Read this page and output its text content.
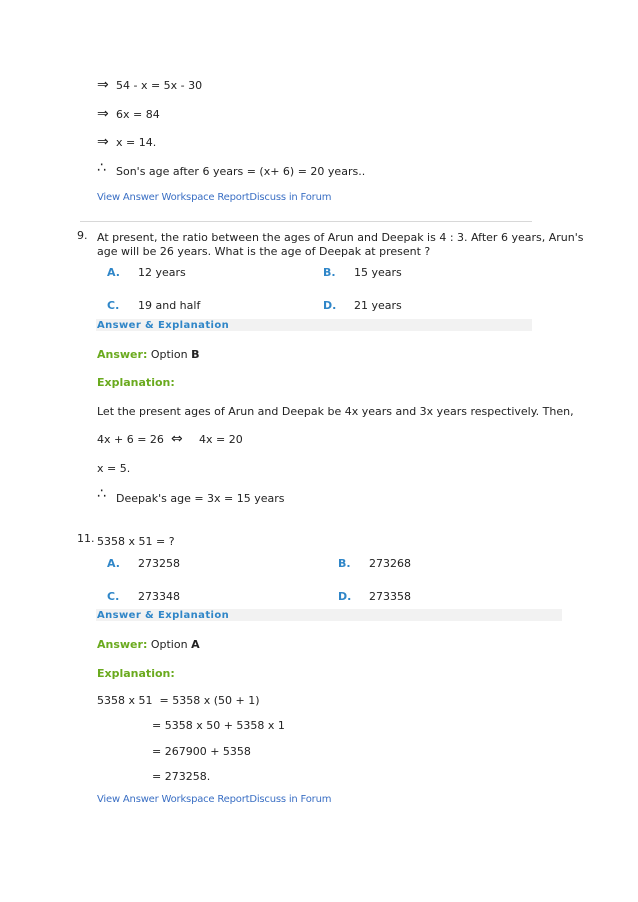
⇒ 54 - x = 5x - 30
⇒ 6x = 84
⇒ x = 14.
∴ Son's age after 6 years = (x+ 6) = 20 years..
View Answer Workspace ReportDiscuss in Forum
9. At present, the ratio between the ages of Arun and Deepak is 4 : 3. After 6 years, Arun's
age will be 26 years. What is the age of Deepak at present ?
A. 12 years	B. 15 years
C. 19 and half	D. 21 years
Answer & Explanation
Answer: Option B
Explanation:
Let the present ages of Arun and Deepak be 4x years and 3x years respectively. Then,
4x + 6 = 26 ⇔ 4x = 20
x = 5.
∴ Deepak's age = 3x = 15 years
11. 5358 x 51 = ?
A. 273258	B. 273268
C. 273348	D. 273358
Answer & Explanation
Answer: Option A
Explanation:
5358 x 51  = 5358 x (50 + 1)
= 5358 x 50 + 5358 x 1
= 267900 + 5358
= 273258.
View Answer Workspace ReportDiscuss in Forum
